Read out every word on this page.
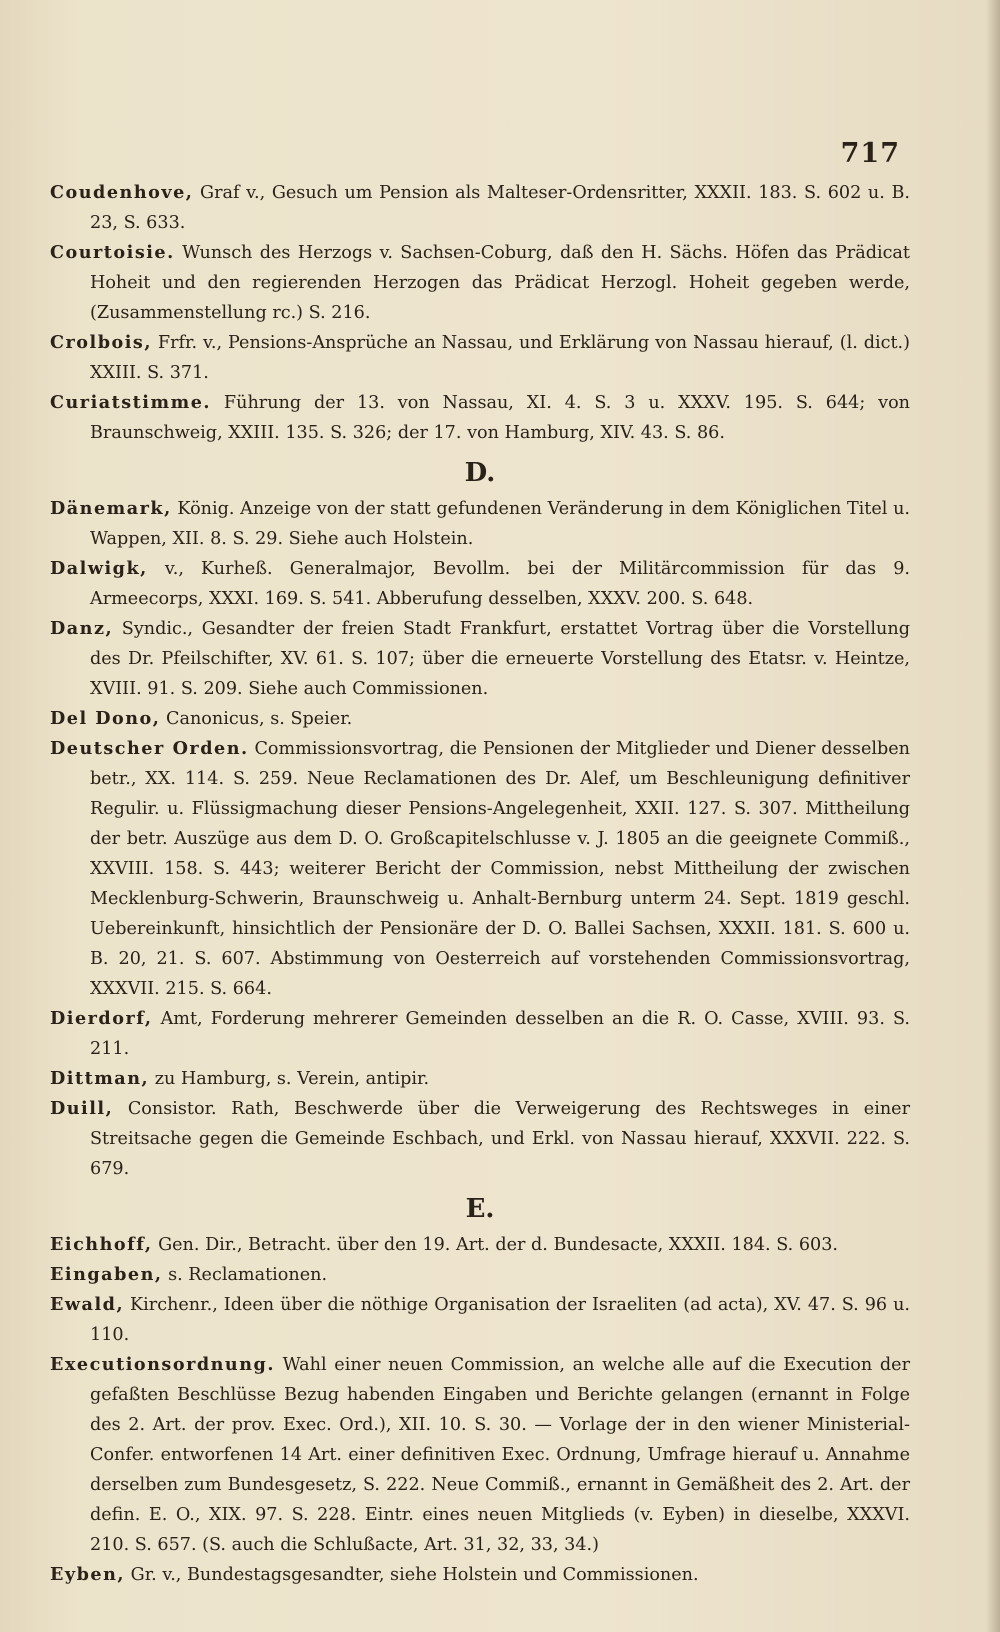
717

Coudenhove, Graf v., Gesuch um Pension als Malteser-Ordensritter, XXXII. 183. S. 602 u. B. 23, S. 633.

Courtoisie. Wunsch des Herzogs v. Sachsen-Coburg, daß den H. Sächs. Höfen das Prädicat Hoheit und den regierenden Herzogen das Prädicat Herzogl. Hoheit gegeben werde, (Zusammenstellung rc.) S. 216.

Crolbois, Frfr. v., Pensions-Ansprüche an Nassau, und Erklärung von Nassau hierauf, (l. dict.) XXIII. S. 371.

Curiatstimme. Führung der 13. von Nassau, XI. 4. S. 3 u. XXXV. 195. S. 644; von Braunschweig, XXIII. 135. S. 326; der 17. von Hamburg, XIV. 43. S. 86.

D.

Dänemark, König. Anzeige von der statt gefundenen Veränderung in dem Königlichen Titel u. Wappen, XII. 8. S. 29. Siehe auch Holstein.

Dalwigk, v., Kurheß. Generalmajor, Bevollm. bei der Militärcommission für das 9. Armeecorps, XXXI. 169. S. 541. Abberufung desselben, XXXV. 200. S. 648.

Danz, Syndic., Gesandter der freien Stadt Frankfurt, erstattet Vortrag über die Vorstellung des Dr. Pfeilschifter, XV. 61. S. 107; über die erneuerte Vorstellung des Etatsr. v. Heintze, XVIII. 91. S. 209. Siehe auch Commissionen.

Del Dono, Canonicus, s. Speier.

Deutscher Orden. Commissionsvortrag, die Pensionen der Mitglieder und Diener desselben betr., XX. 114. S. 259. Neue Reclamationen des Dr. Alef, um Beschleunigung definitiver Regulir. u. Flüssigmachung dieser Pensions-Angelegenheit, XXII. 127. S. 307. Mittheilung der betr. Auszüge aus dem D. O. Großcapitelschlusse v. J. 1805 an die geeignete Commiß., XXVIII. 158. S. 443; weiterer Bericht der Commission, nebst Mittheilung der zwischen Mecklenburg-Schwerin, Braunschweig u. Anhalt-Bernburg unterm 24. Sept. 1819 geschl. Uebereinkunft, hinsichtlich der Pensionäre der D. O. Ballei Sachsen, XXXII. 181. S. 600 u. B. 20, 21. S. 607. Abstimmung von Oesterreich auf vorstehenden Commissionsvortrag, XXXVII. 215. S. 664.

Dierdorf, Amt, Forderung mehrerer Gemeinden desselben an die R. O. Casse, XVIII. 93. S. 211.

Dittman, zu Hamburg, s. Verein, antipir.

Duill, Consistor. Rath, Beschwerde über die Verweigerung des Rechtsweges in einer Streitsache gegen die Gemeinde Eschbach, und Erkl. von Nassau hierauf, XXXVII. 222. S. 679.

E.

Eichhoff, Gen. Dir., Betracht. über den 19. Art. der d. Bundesacte, XXXII. 184. S. 603.

Eingaben, s. Reclamationen.

Ewald, Kirchenr., Ideen über die nöthige Organisation der Israeliten (ad acta), XV. 47. S. 96 u. 110.

Executionsordnung. Wahl einer neuen Commission, an welche alle auf die Execution der gefaßten Beschlüsse Bezug habenden Eingaben und Berichte gelangen (ernannt in Folge des 2. Art. der prov. Exec. Ord.), XII. 10. S. 30. — Vorlage der in den wiener Ministerial-Confer. entworfenen 14 Art. einer definitiven Exec. Ordnung, Umfrage hierauf u. Annahme derselben zum Bundesgesetz, S. 222. Neue Commiß., ernannt in Gemäßheit des 2. Art. der defin. E. O., XIX. 97. S. 228. Eintr. eines neuen Mitglieds (v. Eyben) in dieselbe, XXXVI. 210. S. 657. (S. auch die Schlußacte, Art. 31, 32, 33, 34.)

Eyben, Gr. v., Bundestagsgesandter, siehe Holstein und Commissionen.
